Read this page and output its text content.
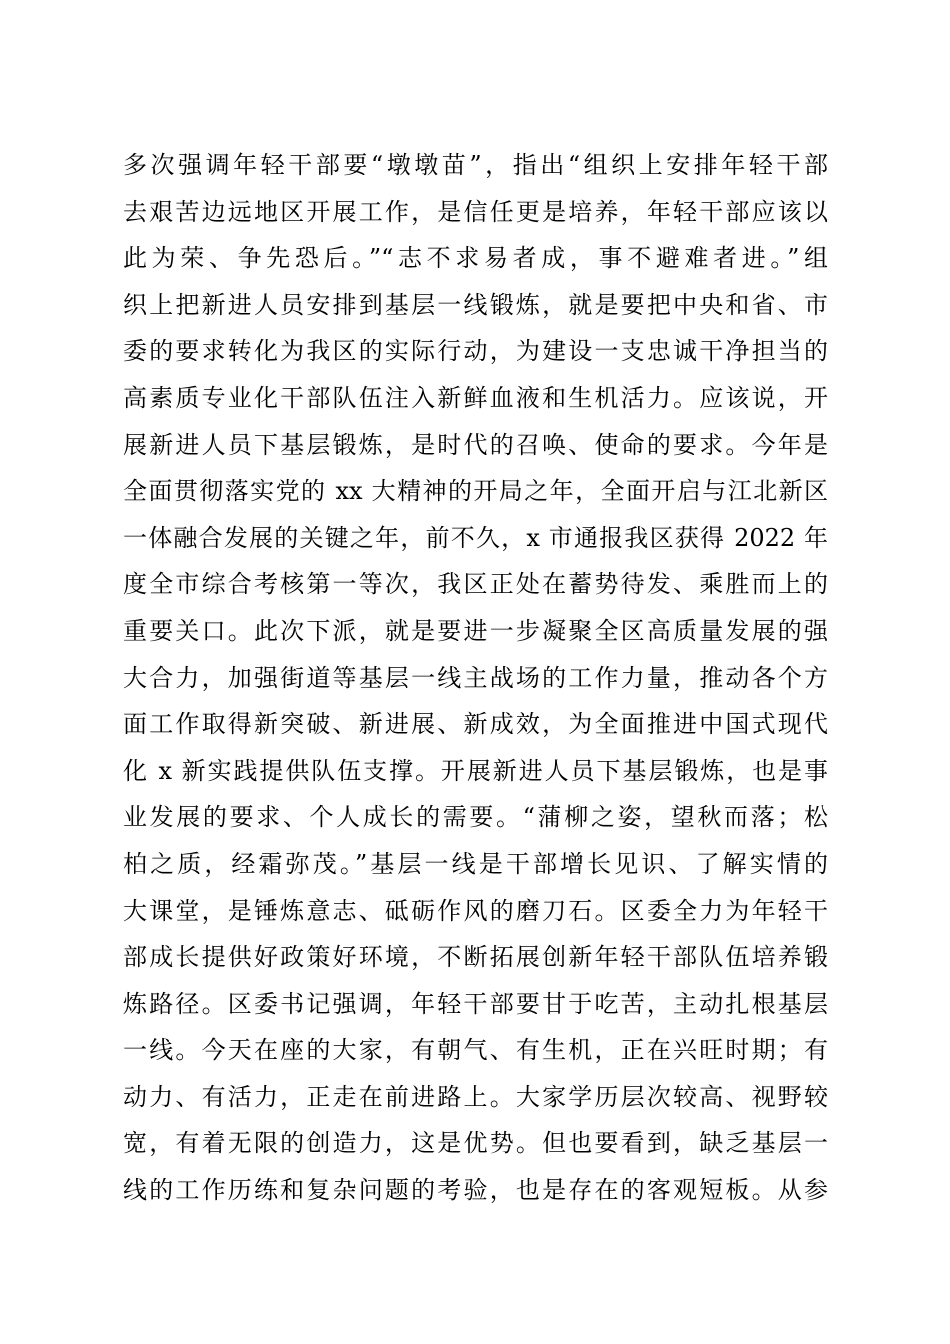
多次强调年轻干部要“墩墩苗”，指出“组织上安排年轻干部
去艰苦边远地区开展工作，是信任更是培养，年轻干部应该以
此为荣、争先恐后。”“志不求易者成，事不避难者进。”组
织上把新进人员安排到基层一线锻炼，就是要把中央和省、市
委的要求转化为我区的实际行动，为建设一支忠诚干净担当的
高素质专业化干部队伍注入新鲜血液和生机活力。应该说，开
展新进人员下基层锻炼，是时代的召唤、使命的要求。今年是
全面贯彻落实党的 xx 大精神的开局之年，全面开启与江北新区
一体融合发展的关键之年，前不久，x 市通报我区获得 2022 年
度全市综合考核第一等次，我区正处在蓄势待发、乘胜而上的
重要关口。此次下派，就是要进一步凝聚全区高质量发展的强
大合力，加强街道等基层一线主战场的工作力量，推动各个方
面工作取得新突破、新进展、新成效，为全面推进中国式现代
化 x 新实践提供队伍支撑。开展新进人员下基层锻炼，也是事
业发展的要求、个人成长的需要。“蒲柳之姿，望秋而落；松
柏之质，经霜弥茂。”基层一线是干部增长见识、了解实情的
大课堂，是锤炼意志、砥砺作风的磨刀石。区委全力为年轻干
部成长提供好政策好环境，不断拓展创新年轻干部队伍培养锻
炼路径。区委书记强调，年轻干部要甘于吃苦，主动扎根基层
一线。今天在座的大家，有朝气、有生机，正在兴旺时期；有
动力、有活力，正走在前进路上。大家学历层次较高、视野较
宽，有着无限的创造力，这是优势。但也要看到，缺乏基层一
线的工作历练和复杂问题的考验，也是存在的客观短板。从参
